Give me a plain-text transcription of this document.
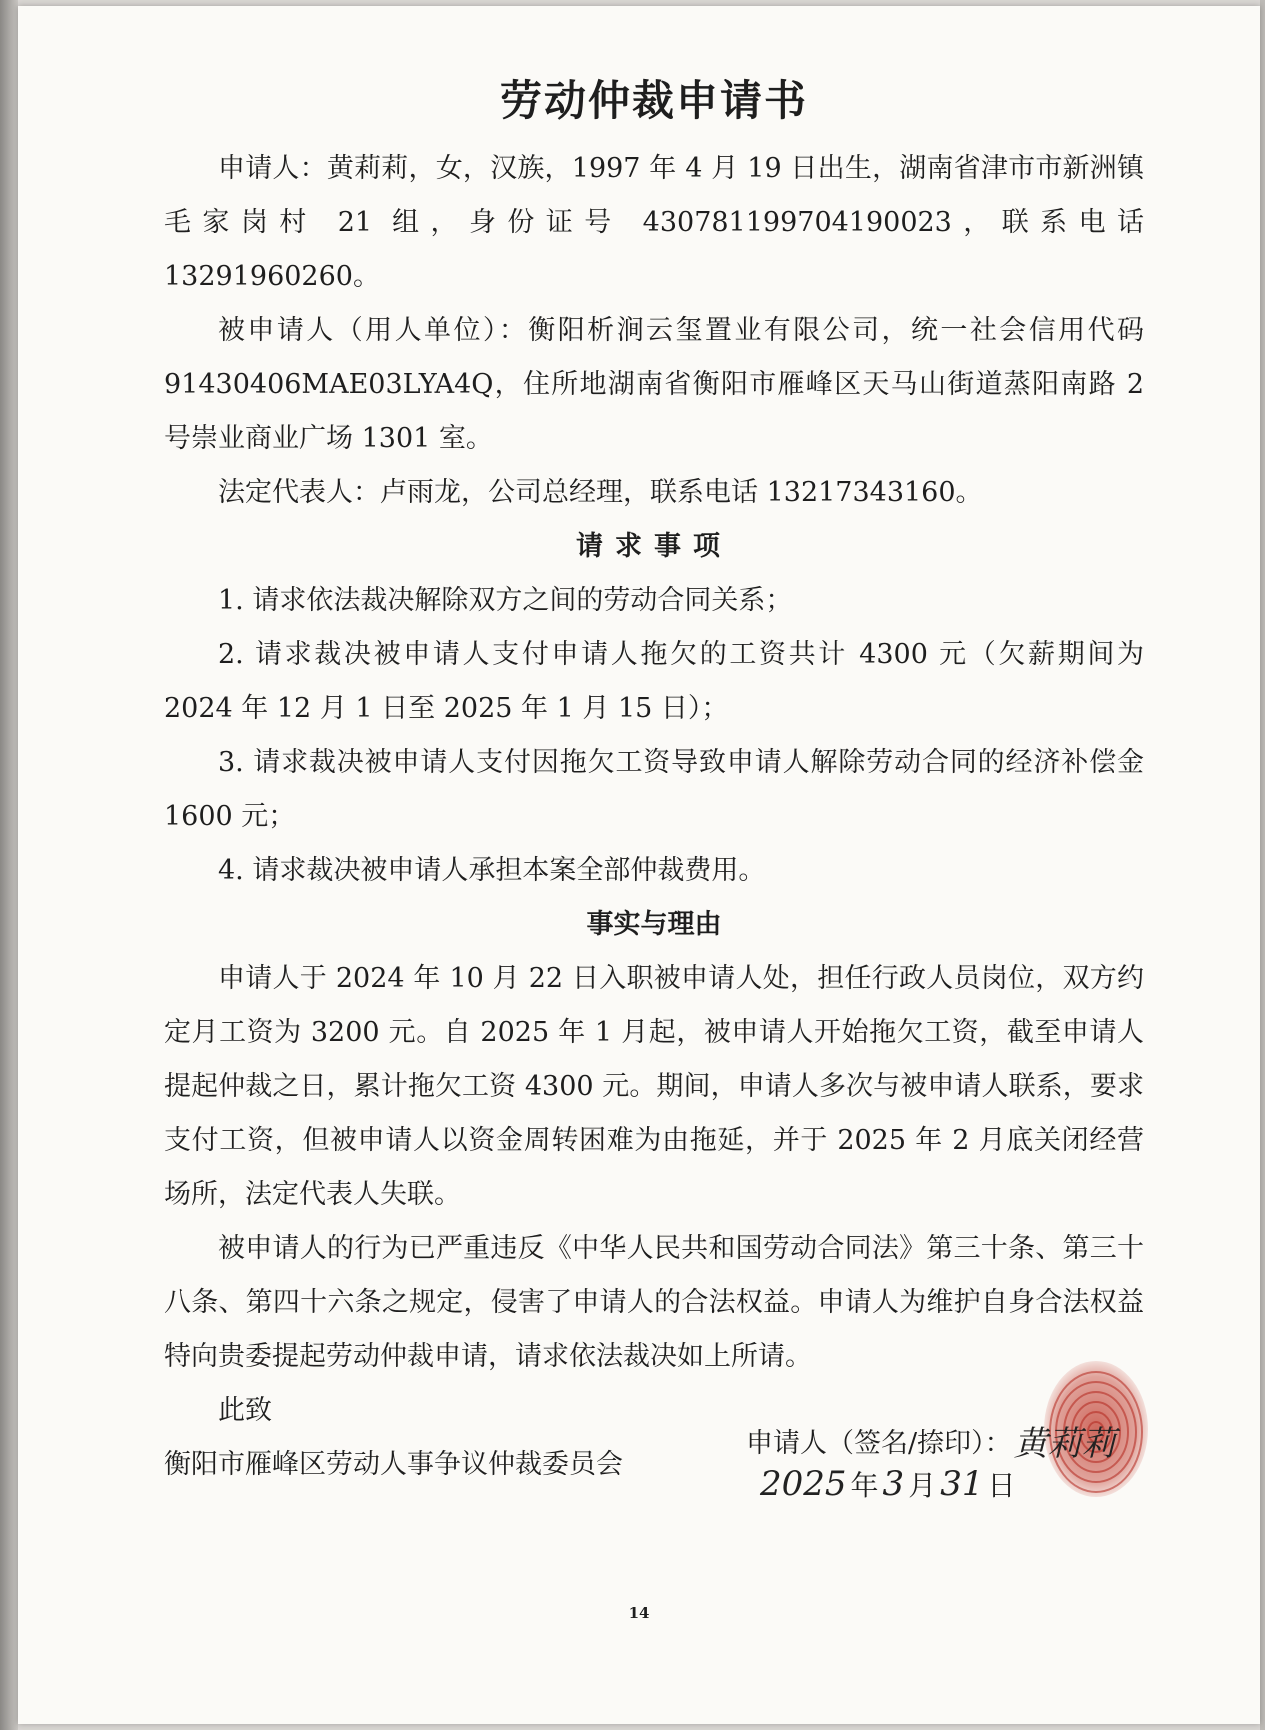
劳动仲裁申请书

申请人：黄莉莉，女，汉族，1997 年 4 月 19 日出生，湖南省津市市新洲镇毛家岗村 21 组，身份证号 430781199704190023，联系电话 13291960260。

被申请人（用人单位）：衡阳析涧云玺置业有限公司，统一社会信用代码 91430406MAE03LYA4Q，住所地湖南省衡阳市雁峰区天马山街道蒸阳南路 2 号崇业商业广场 1301 室。

法定代表人：卢雨龙，公司总经理，联系电话 13217343160。

请求事项

1. 请求依法裁决解除双方之间的劳动合同关系；

2. 请求裁决被申请人支付申请人拖欠的工资共计 4300 元（欠薪期间为 2024 年 12 月 1 日至 2025 年 1 月 15 日）；

3. 请求裁决被申请人支付因拖欠工资导致申请人解除劳动合同的经济补偿金 1600 元；

4. 请求裁决被申请人承担本案全部仲裁费用。

事实与理由

申请人于 2024 年 10 月 22 日入职被申请人处，担任行政人员岗位，双方约定月工资为 3200 元。自 2025 年 1 月起，被申请人开始拖欠工资，截至申请人提起仲裁之日，累计拖欠工资 4300 元。期间，申请人多次与被申请人联系，要求支付工资，但被申请人以资金周转困难为由拖延，并于 2025 年 2 月底关闭经营场所，法定代表人失联。

被申请人的行为已严重违反《中华人民共和国劳动合同法》第三十条、第三十八条、第四十六条之规定，侵害了申请人的合法权益。申请人为维护自身合法权益特向贵委提起劳动仲裁申请，请求依法裁决如上所请。

此致

衡阳市雁峰区劳动人事争议仲裁委员会

申请人（签名/捺印）： 黄莉莉
2025 年 3 月 31 日
14
